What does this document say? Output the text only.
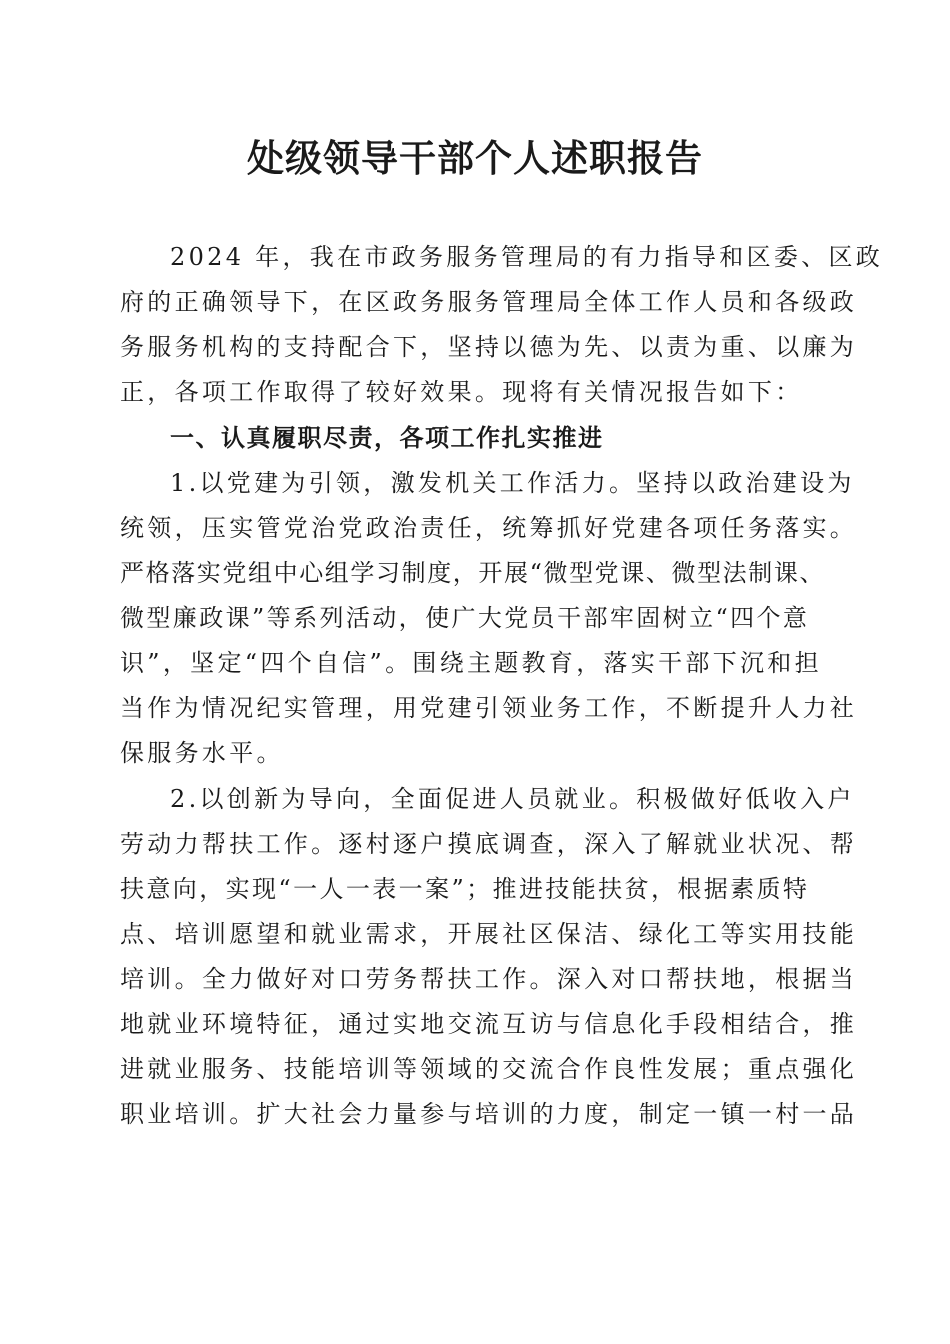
处级领导干部个人述职报告
2024 年，我在市政务服务管理局的有力指导和区委、区政
府的正确领导下，在区政务服务管理局全体工作人员和各级政
务服务机构的支持配合下，坚持以德为先、以责为重、以廉为
正，各项工作取得了较好效果。现将有关情况报告如下：
一、认真履职尽责，各项工作扎实推进
1.以党建为引领，激发机关工作活力。坚持以政治建设为
统领，压实管党治党政治责任，统筹抓好党建各项任务落实。
严格落实党组中心组学习制度，开展“微型党课、微型法制课、
微型廉政课”等系列活动，使广大党员干部牢固树立“四个意
识”，坚定“四个自信”。围绕主题教育，落实干部下沉和担
当作为情况纪实管理，用党建引领业务工作，不断提升人力社
保服务水平。
2.以创新为导向，全面促进人员就业。积极做好低收入户
劳动力帮扶工作。逐村逐户摸底调查，深入了解就业状况、帮
扶意向，实现“一人一表一案”；推进技能扶贫，根据素质特
点、培训愿望和就业需求，开展社区保洁、绿化工等实用技能
培训。全力做好对口劳务帮扶工作。深入对口帮扶地，根据当
地就业环境特征，通过实地交流互访与信息化手段相结合，推
进就业服务、技能培训等领域的交流合作良性发展；重点强化
职业培训。扩大社会力量参与培训的力度，制定一镇一村一品
